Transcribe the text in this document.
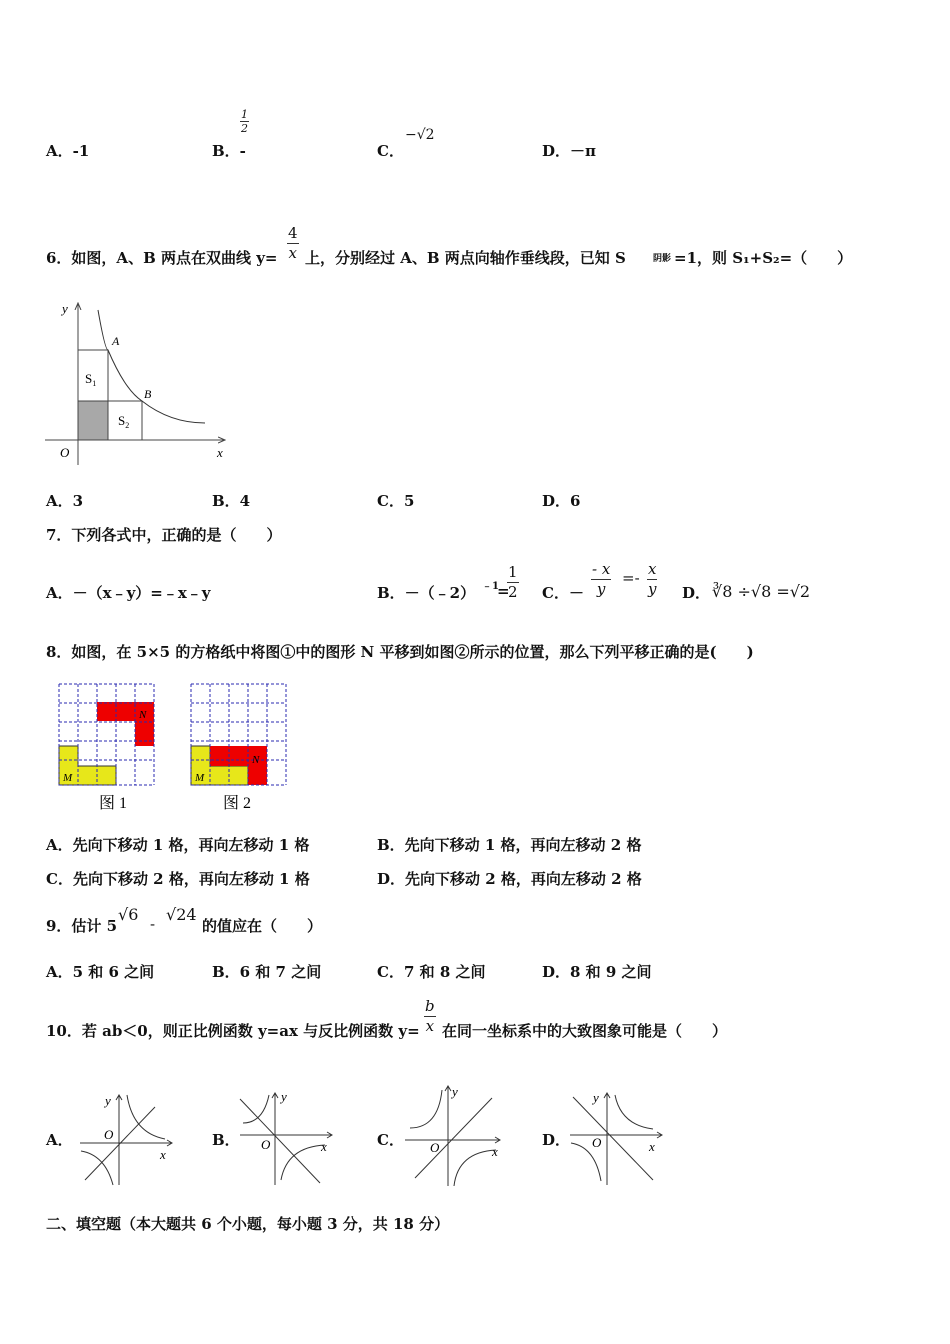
A．-1	B．-
$\frac{1}{2}$
C．
−√2
D．－π
6．如图，A、B 两点在双曲线 $y= \frac{4}{x}$ 上，分别经过 A、B 两点向轴作垂线段，已知 S	阴影 =1，则 S₁+S₂=（　　）
y
x
O
A
B
$S_1$
$S_2$
A．3	B．4	C．5	D．6
7．下列各式中，正确的是（　　）
A．－（x﹣y）=﹣x﹣y	B．－（﹣2） ﹣1
=
$\frac{1}{2}$ C．－ $\frac{- x}{y} =- \frac{x}{y}$ D． ∛8 ÷√8 =√2
8．如图，在 5×5 的方格纸中将图①中的图形 N 平移到如图②所示的位置，那么下列平移正确的是(　　)
N
M
图 1
N
M
图 2
A．先向下移动 1 格，再向左移动 1 格	B．先向下移动 1 格，再向左移动 2 格
C．先向下移动 2 格，再向左移动 1 格	D．先向下移动 2 格，再向左移动 2 格
9．估计 5
√6 - √24
的值应在（　　）
A．5 和 6 之间	B．6 和 7 之间	C．7 和 8 之间	D．8 和 9 之间
10．若 ab＜0，则正比例函数 y=ax 与反比例函数 $y= \frac{b}{x}$ 在同一坐标系中的大致图象可能是（　　）
A．
y
x
O	B．
y
x
O	C．
y
x
O	D．
y
x
O
二、填空题（本大题共 6 个小题，每小题 3 分，共 18 分）
